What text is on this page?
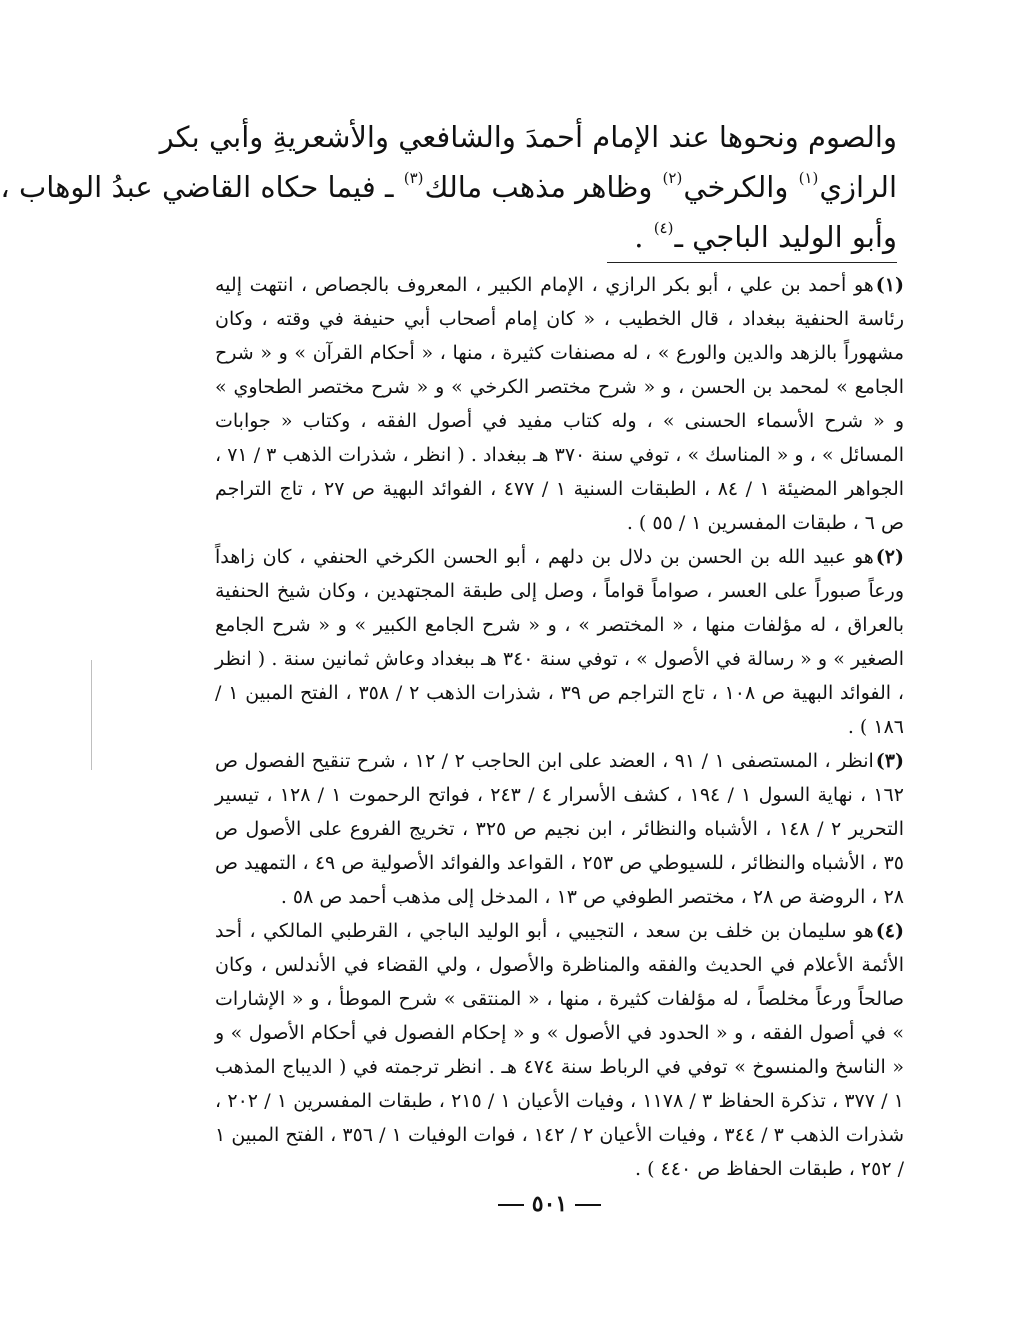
والصوم ونحوها عند الإمام أحمدَ والشافعي والأشعريةِ وأبي بكر
الرازي$^{(١)}$ والكرخي$^{(٢)}$ وظاهر مذهب مالك$^{(٣)}$ ـ فيما حكاه القاضي عبدُ الوهاب ،
وأبو الوليد الباجي ـ$^{(٤)}$ .

(١)هو أحمد بن علي ، أبو بكر الرازي ، الإمام الكبير ، المعروف بالجصاص ، انتهت إليه رئاسة الحنفية ببغداد ، قال الخطيب ، « كان إمام أصحاب أبي حنيفة في وقته ، وكان مشهوراً بالزهد والدين والورع » ، له مصنفات كثيرة ، منها ، « أحكام القرآن » و « شرح الجامع » لمحمد بن الحسن ، و « شرح مختصر الكرخي » و « شرح مختصر الطحاوي » و « شرح الأسماء الحسنى » ، وله كتاب مفيد في أصول الفقه ، وكتاب « جوابات المسائل » ، و « المناسك » ، توفي سنة ٣٧٠ هـ ببغداد . ( انظر ، شذرات الذهب ٣ / ٧١ ، الجواهر المضيئة ١ / ٨٤ ، الطبقات السنية ١ / ٤٧٧ ، الفوائد البهية ص ٢٧ ، تاج التراجم ص ٦ ، طبقات المفسرين ١ / ٥٥ ) .

(٢)هو عبيد الله بن الحسن بن دلال بن دلهم ، أبو الحسن الكرخي الحنفي ، كان زاهداً ورعاً صبوراً على العسر ، صواماً قواماً ، وصل إلى طبقة المجتهدين ، وكان شيخ الحنفية بالعراق ، له مؤلفات منها ، « المختصر » ، و « شرح الجامع الكبير » و « شرح الجامع الصغير » و « رسالة في الأصول » ، توفي سنة ٣٤٠ هـ ببغداد وعاش ثمانين سنة . ( انظر ، الفوائد البهية ص ١٠٨ ، تاج التراجم ص ٣٩ ، شذرات الذهب ٢ / ٣٥٨ ، الفتح المبين ١ / ١٨٦ ) .

(٣)انظر ، المستصفى ١ / ٩١ ، العضد على ابن الحاجب ٢ / ١٢ ، شرح تنقيح الفصول ص ١٦٢ ، نهاية السول ١ / ١٩٤ ، كشف الأسرار ٤ / ٢٤٣ ، فواتح الرحموت ١ / ١٢٨ ، تيسير التحرير ٢ / ١٤٨ ، الأشباه والنظائر ، ابن نجيم ص ٣٢٥ ، تخريج الفروع على الأصول ص ٣٥ ، الأشباه والنظائر ، للسيوطي ص ٢٥٣ ، القواعد والفوائد الأصولية ص ٤٩ ، التمهيد ص ٢٨ ، الروضة ص ٢٨ ، مختصر الطوفي ص ١٣ ، المدخل إلى مذهب أحمد ص ٥٨ .

(٤)هو سليمان بن خلف بن سعد ، التجيبي ، أبو الوليد الباجي ، القرطبي المالكي ، أحد الأئمة الأعلام في الحديث والفقه والمناظرة والأصول ، ولي القضاء في الأندلس ، وكان صالحاً ورعاً مخلصاً ، له مؤلفات كثيرة ، منها ، « المنتقى » شرح الموطأ ، و « الإشارات » في أصول الفقه ، و « الحدود في الأصول » و « إحكام الفصول في أحكام الأصول » و « الناسخ والمنسوخ » توفي في الرباط سنة ٤٧٤ هـ . انظر ترجمته في ( الديباج المذهب ١ / ٣٧٧ ، تذكرة الحفاظ ٣ / ١١٧٨ ، وفيات الأعيان ١ / ٢١٥ ، طبقات المفسرين ١ / ٢٠٢ ، شذرات الذهب ٣ / ٣٤٤ ، وفيات الأعيان ٢ / ١٤٢ ، فوات الوفيات ١ / ٣٥٦ ، الفتح المبين ١ / ٢٥٢ ، طبقات الحفاظ ص ٤٤٠ ) .

٥٠١
